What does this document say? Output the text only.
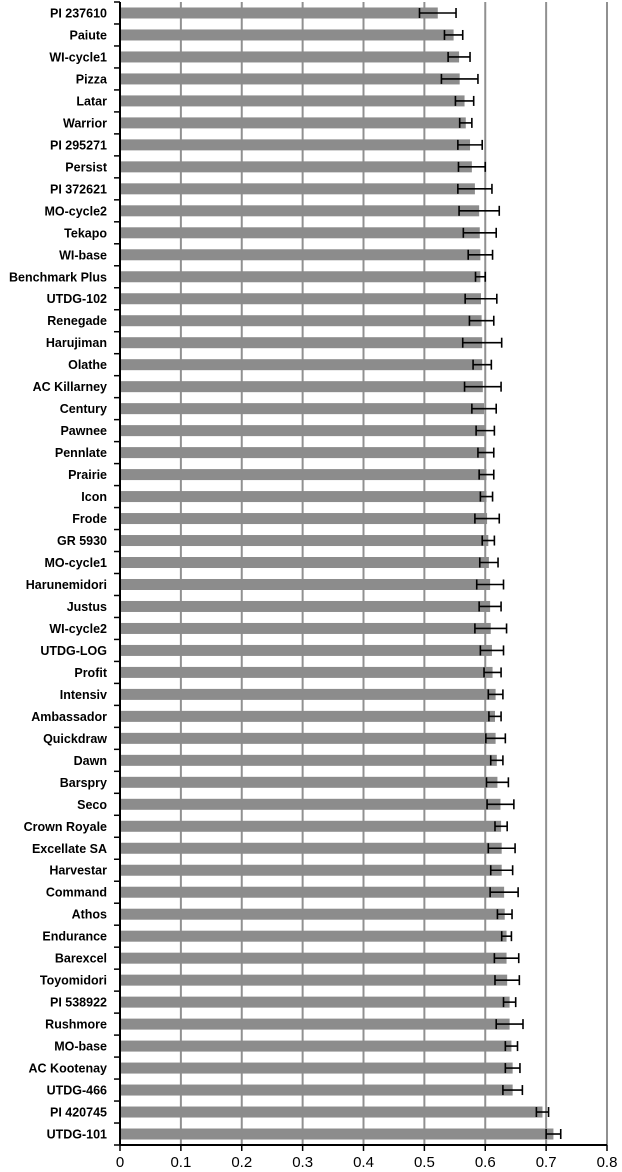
PI 237610
Paiute
WI-cycle1
Pizza
Latar
Warrior
PI 295271
Persist
PI 372621
MO-cycle2
Tekapo
WI-base
Benchmark Plus
UTDG-102
Renegade
Harujiman
Olathe
AC Killarney
Century
Pawnee
Pennlate
Prairie
Icon
Frode
GR 5930
MO-cycle1
Harunemidori
Justus
WI-cycle2
UTDG-LOG
Profit
Intensiv
Ambassador
Quickdraw
Dawn
Barspry
Seco
Crown Royale
Excellate SA
Harvestar
Command
Athos
Endurance
Barexcel
Toyomidori
PI 538922
Rushmore
MO-base
AC Kootenay
UTDG-466
PI 420745
UTDG-101
0	0.1	0.2	0.3	0.4	0.5	0.6	0.7	0.8
